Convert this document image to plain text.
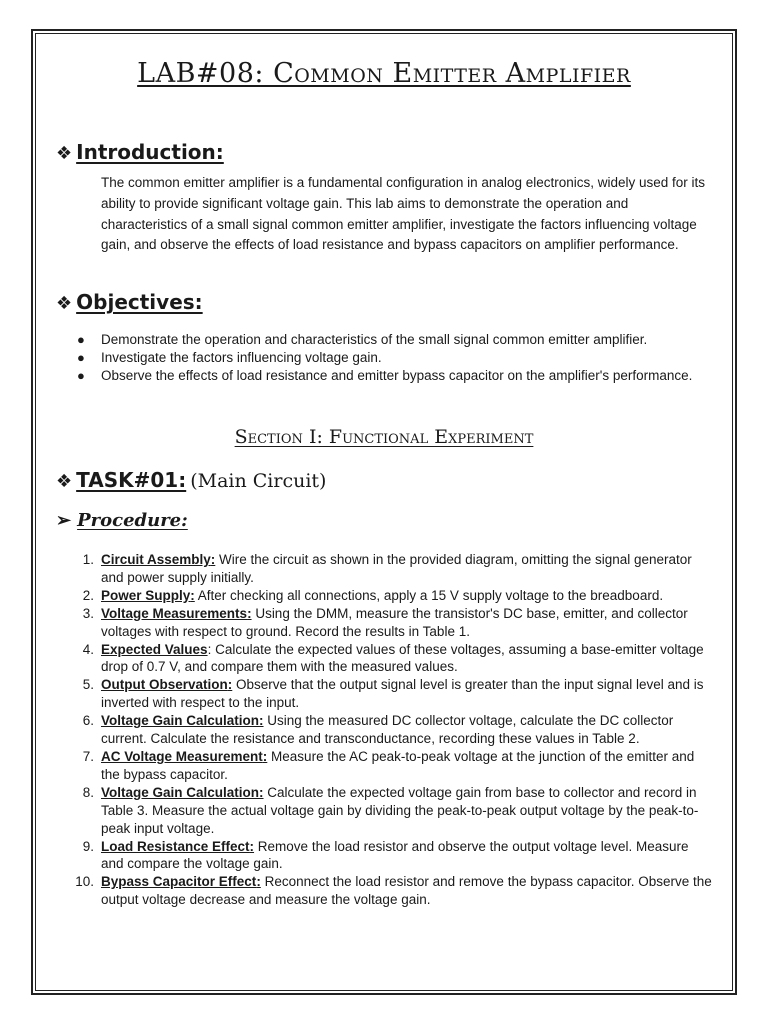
LAB#08: Common Emitter Amplifier
❖ Introduction:
The common emitter amplifier is a fundamental configuration in analog electronics, widely used for its ability to provide significant voltage gain. This lab aims to demonstrate the operation and characteristics of a small signal common emitter amplifier, investigate the factors influencing voltage gain, and observe the effects of load resistance and bypass capacitors on amplifier performance.
❖ Objectives:
● Demonstrate the operation and characteristics of the small signal common emitter amplifier.
● Investigate the factors influencing voltage gain.
● Observe the effects of load resistance and emitter bypass capacitor on the amplifier's performance.
Section I: Functional Experiment
❖ TASK#01: (Main Circuit)
➢ Procedure:
1. Circuit Assembly: Wire the circuit as shown in the provided diagram, omitting the signal generator and power supply initially.
2. Power Supply: After checking all connections, apply a 15 V supply voltage to the breadboard.
3. Voltage Measurements: Using the DMM, measure the transistor's DC base, emitter, and collector voltages with respect to ground. Record the results in Table 1.
4. Expected Values: Calculate the expected values of these voltages, assuming a base-emitter voltage drop of 0.7 V, and compare them with the measured values.
5. Output Observation: Observe that the output signal level is greater than the input signal level and is inverted with respect to the input.
6. Voltage Gain Calculation: Using the measured DC collector voltage, calculate the DC collector current. Calculate the resistance and transconductance, recording these values in Table 2.
7. AC Voltage Measurement: Measure the AC peak-to-peak voltage at the junction of the emitter and the bypass capacitor.
8. Voltage Gain Calculation: Calculate the expected voltage gain from base to collector and record in Table 3. Measure the actual voltage gain by dividing the peak-to-peak output voltage by the peak-to-peak input voltage.
9. Load Resistance Effect: Remove the load resistor and observe the output voltage level. Measure and compare the voltage gain.
10. Bypass Capacitor Effect: Reconnect the load resistor and remove the bypass capacitor. Observe the output voltage decrease and measure the voltage gain.
